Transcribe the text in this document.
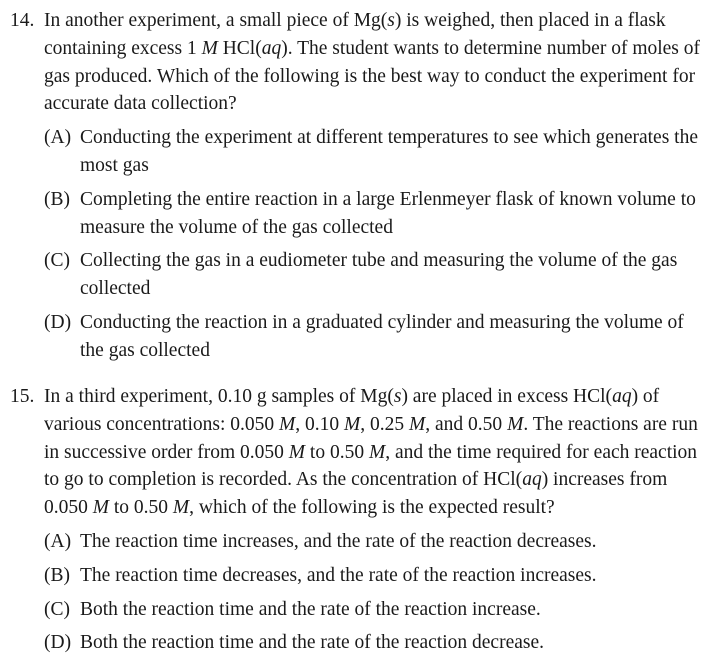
14. In another experiment, a small piece of Mg(s) is weighed, then placed in a flask containing excess 1 M HCl(aq). The student wants to determine number of moles of gas produced. Which of the following is the best way to conduct the experiment for accurate data collection?
(A) Conducting the experiment at different temperatures to see which generates the most gas
(B) Completing the entire reaction in a large Erlenmeyer flask of known volume to measure the volume of the gas collected
(C) Collecting the gas in a eudiometer tube and measuring the volume of the gas collected
(D) Conducting the reaction in a graduated cylinder and measuring the volume of the gas collected
15. In a third experiment, 0.10 g samples of Mg(s) are placed in excess HCl(aq) of various concentrations: 0.050 M, 0.10 M, 0.25 M, and 0.50 M. The reactions are run in successive order from 0.050 M to 0.50 M, and the time required for each reaction to go to completion is recorded. As the concentration of HCl(aq) increases from 0.050 M to 0.50 M, which of the following is the expected result?
(A) The reaction time increases, and the rate of the reaction decreases.
(B) The reaction time decreases, and the rate of the reaction increases.
(C) Both the reaction time and the rate of the reaction increase.
(D) Both the reaction time and the rate of the reaction decrease.
